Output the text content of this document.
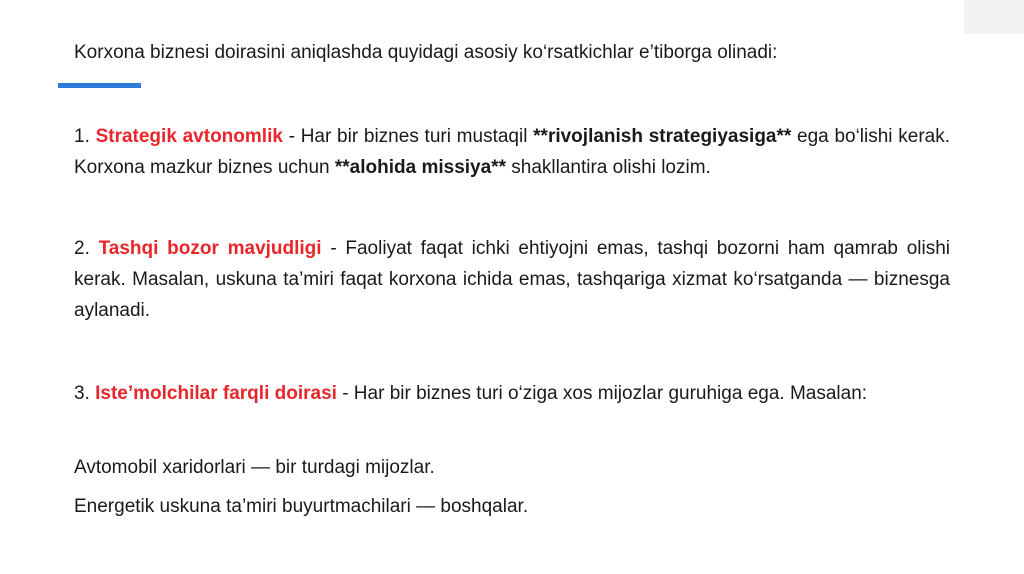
Korxona biznesi doirasini aniqlashda quyidagi asosiy ko‘rsatkichlar e’tiborga olinadi:
1. Strategik avtonomlik - Har bir biznes turi mustaqil **rivojlanish strategiyasiga** ega bo‘lishi kerak. Korxona mazkur biznes uchun **alohida missiya** shakllantira olishi lozim.
2. Tashqi bozor mavjudligi - Faoliyat faqat ichki ehtiyojni emas, tashqi bozorni ham qamrab olishi kerak. Masalan, uskuna ta’miri faqat korxona ichida emas, tashqariga xizmat ko‘rsatganda — biznesga aylanadi.
3. Iste’molchilar farqli doirasi - Har bir biznes turi o‘ziga xos mijozlar guruhiga ega. Masalan:
Avtomobil xaridorlari — bir turdagi mijozlar.
Energetik uskuna ta’miri buyurtmachilari — boshqalar.
